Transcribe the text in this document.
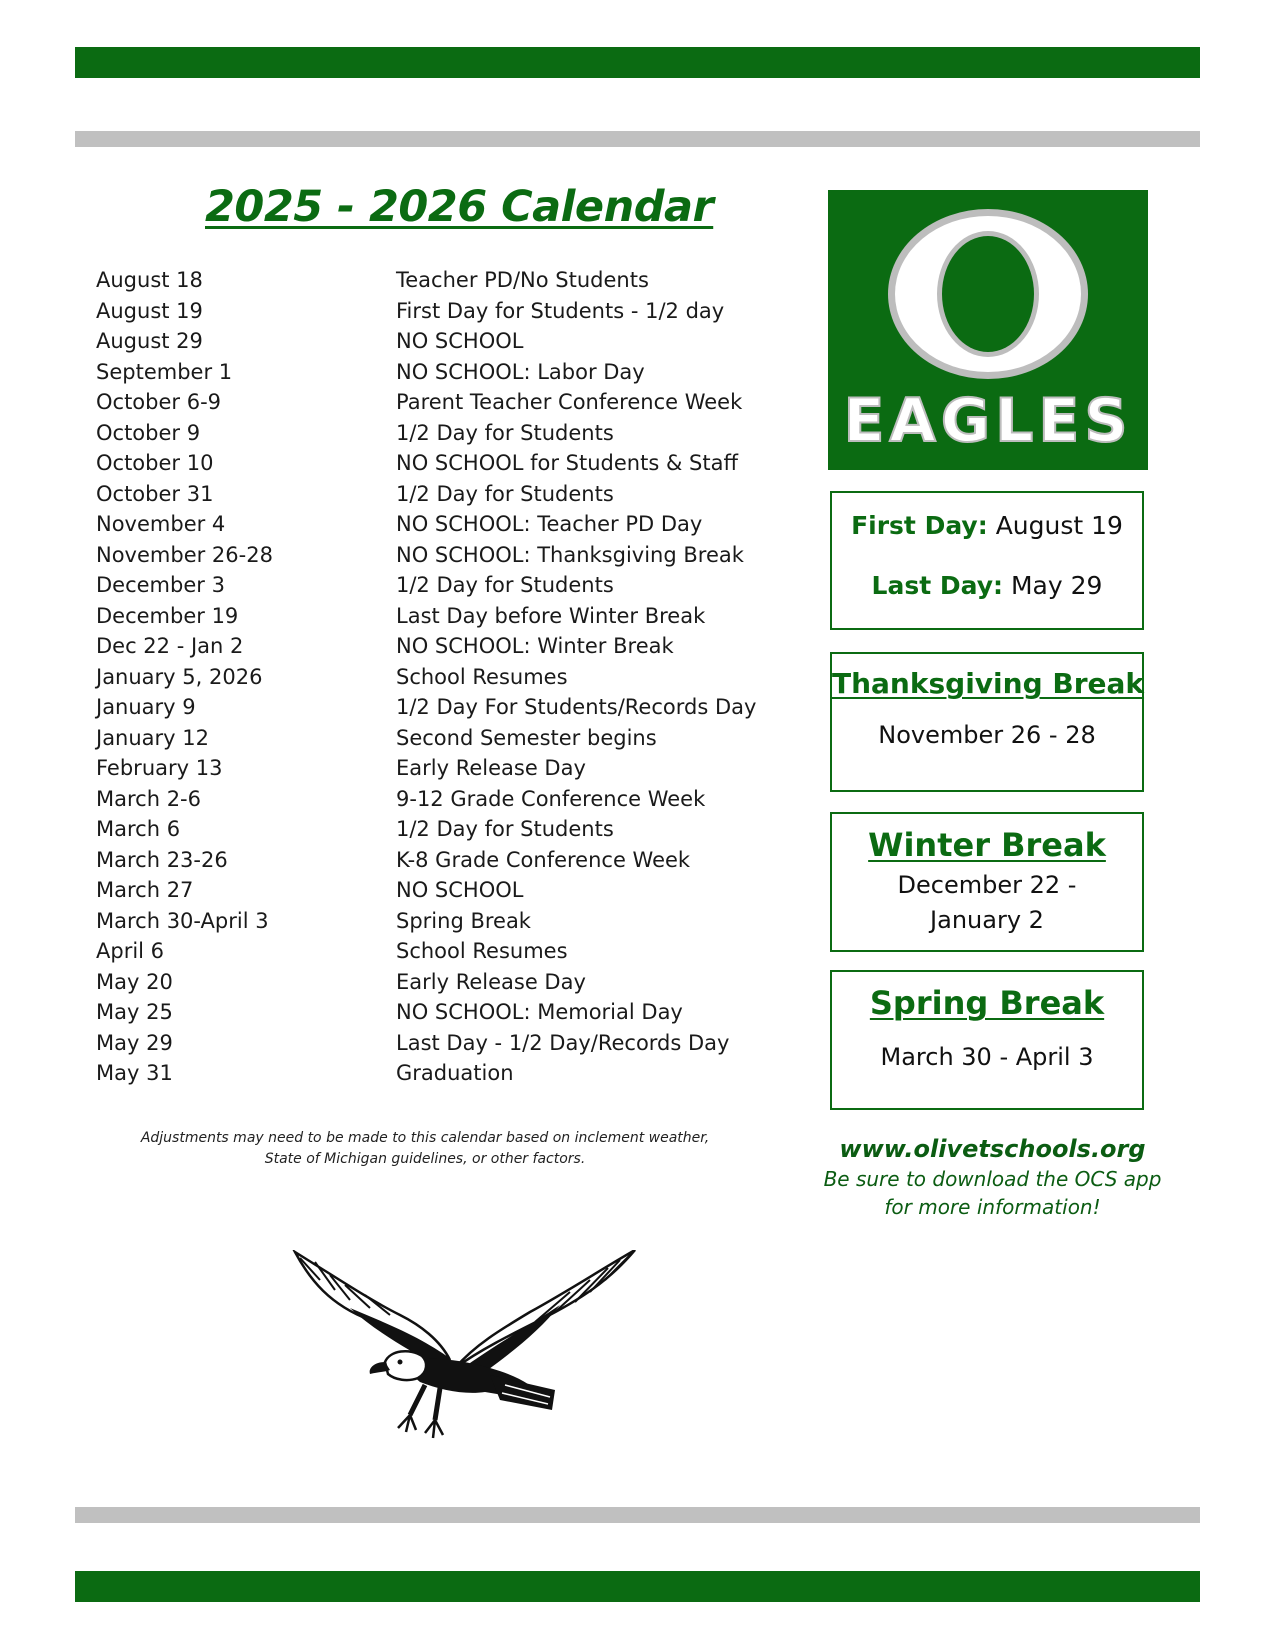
2025 - 2026 Calendar
August 18	Teacher PD/No Students
August 19	First Day for Students - 1/2 day
August 29	NO SCHOOL
September 1	NO SCHOOL: Labor Day
October 6-9	Parent Teacher Conference Week
October 9	1/2 Day for Students
October 10	NO SCHOOL for Students & Staff
October 31	1/2 Day for Students
November 4	NO SCHOOL: Teacher PD Day
November 26-28	NO SCHOOL: Thanksgiving Break
December 3	1/2 Day for Students
December 19	Last Day before Winter Break
Dec 22 - Jan 2	NO SCHOOL: Winter Break
January 5, 2026	School Resumes
January 9	1/2 Day For Students/Records Day
January 12	Second Semester begins
February 13	Early Release Day
March 2-6	9-12 Grade Conference Week
March 6	1/2 Day for Students
March 23-26	K-8 Grade Conference Week
March 27	NO SCHOOL
March 30-April 3	Spring Break
April 6	School Resumes
May 20	Early Release Day
May 25	NO SCHOOL: Memorial Day
May 29	Last Day - 1/2 Day/Records Day
May 31	Graduation
Adjustments may need to be made to this calendar based on inclement weather,
State of Michigan guidelines, or other factors.
EAGLES
First Day: August 19
Last Day: May 29
Thanksgiving Break
November 26 - 28
Winter Break
December 22 -
January 2
Spring Break
March 30 - April 3
www.olivetschools.org
Be sure to download the OCS app
for more information!
